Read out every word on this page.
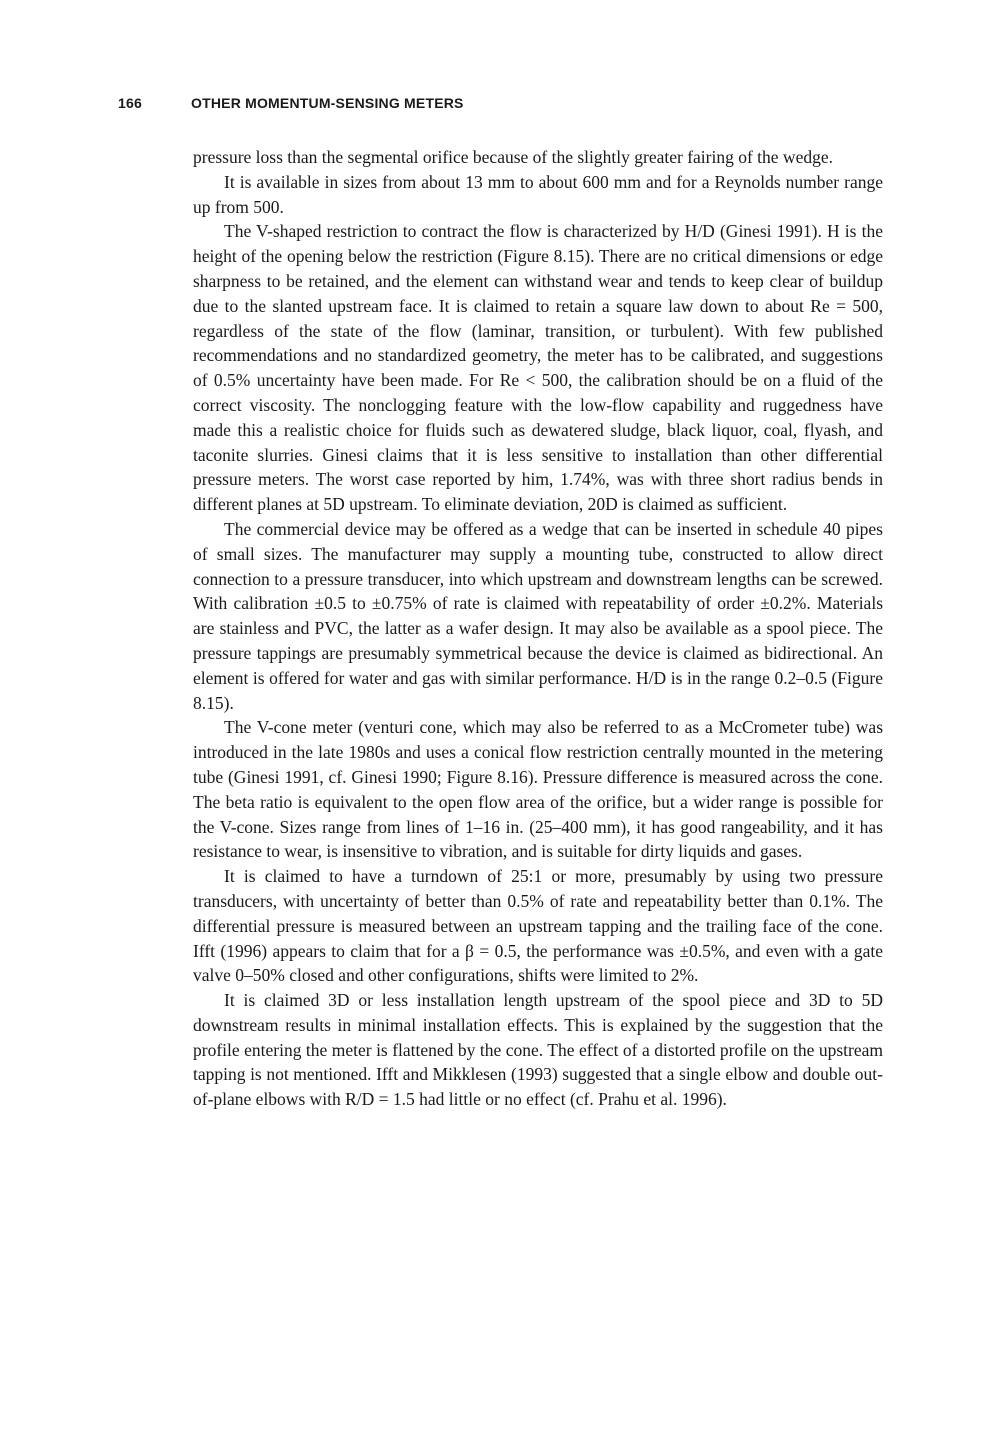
166	OTHER MOMENTUM-SENSING METERS

pressure loss than the segmental orifice because of the slightly greater fairing of the wedge.

It is available in sizes from about 13 mm to about 600 mm and for a Reynolds number range up from 500.

The V-shaped restriction to contract the flow is characterized by H/D (Ginesi 1991). H is the height of the opening below the restriction (Figure 8.15). There are no critical dimensions or edge sharpness to be retained, and the element can withstand wear and tends to keep clear of buildup due to the slanted upstream face. It is claimed to retain a square law down to about Re = 500, regardless of the state of the flow (laminar, transition, or turbulent). With few published recommendations and no standardized geometry, the meter has to be calibrated, and suggestions of 0.5% uncertainty have been made. For Re < 500, the calibration should be on a fluid of the correct viscosity. The nonclogging feature with the low-flow capability and ruggedness have made this a realistic choice for fluids such as dewatered sludge, black liquor, coal, flyash, and taconite slurries. Ginesi claims that it is less sensitive to installation than other differential pressure meters. The worst case reported by him, 1.74%, was with three short radius bends in different planes at 5D upstream. To eliminate deviation, 20D is claimed as sufficient.

The commercial device may be offered as a wedge that can be inserted in schedule 40 pipes of small sizes. The manufacturer may supply a mounting tube, constructed to allow direct connection to a pressure transducer, into which upstream and downstream lengths can be screwed. With calibration ±0.5 to ±0.75% of rate is claimed with repeatability of order ±0.2%. Materials are stainless and PVC, the latter as a wafer design. It may also be available as a spool piece. The pressure tappings are presumably symmetrical because the device is claimed as bidirectional. An element is offered for water and gas with similar performance. H/D is in the range 0.2–0.5 (Figure 8.15).

The V-cone meter (venturi cone, which may also be referred to as a McCrometer tube) was introduced in the late 1980s and uses a conical flow restriction centrally mounted in the metering tube (Ginesi 1991, cf. Ginesi 1990; Figure 8.16). Pressure difference is measured across the cone. The beta ratio is equivalent to the open flow area of the orifice, but a wider range is possible for the V-cone. Sizes range from lines of 1–16 in. (25–400 mm), it has good rangeability, and it has resistance to wear, is insensitive to vibration, and is suitable for dirty liquids and gases.

It is claimed to have a turndown of 25:1 or more, presumably by using two pressure transducers, with uncertainty of better than 0.5% of rate and repeatability better than 0.1%. The differential pressure is measured between an upstream tapping and the trailing face of the cone. Ifft (1996) appears to claim that for a β = 0.5, the performance was ±0.5%, and even with a gate valve 0–50% closed and other configurations, shifts were limited to 2%.

It is claimed 3D or less installation length upstream of the spool piece and 3D to 5D downstream results in minimal installation effects. This is explained by the suggestion that the profile entering the meter is flattened by the cone. The effect of a distorted profile on the upstream tapping is not mentioned. Ifft and Mikklesen (1993) suggested that a single elbow and double out-of-plane elbows with R/D = 1.5 had little or no effect (cf. Prahu et al. 1996).
